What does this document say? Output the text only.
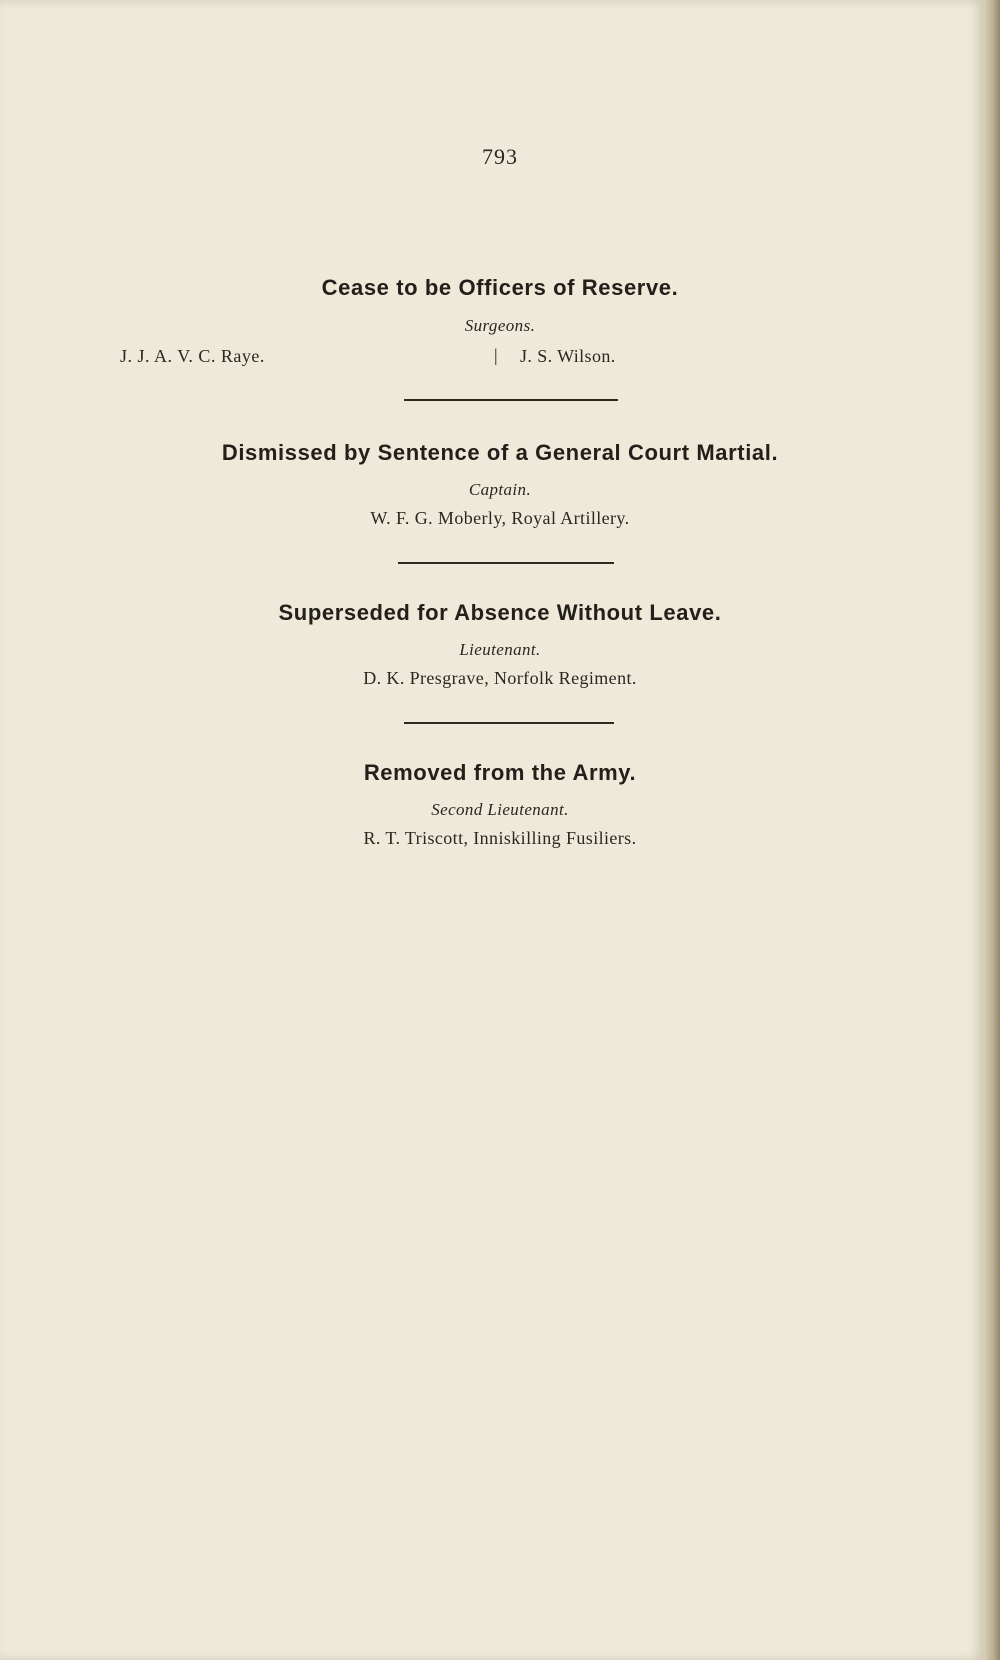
793
Cease to be Officers of Reserve.
Surgeons.
J. J. A. V. C. Raye.	| J. S. Wilson.
Dismissed by Sentence of a General Court Martial.
Captain.
W. F. G. Moberly, Royal Artillery.
Superseded for Absence Without Leave.
Lieutenant.
D. K. Presgrave, Norfolk Regiment.
Removed from the Army.
Second Lieutenant.
R. T. Triscott, Inniskilling Fusiliers.
